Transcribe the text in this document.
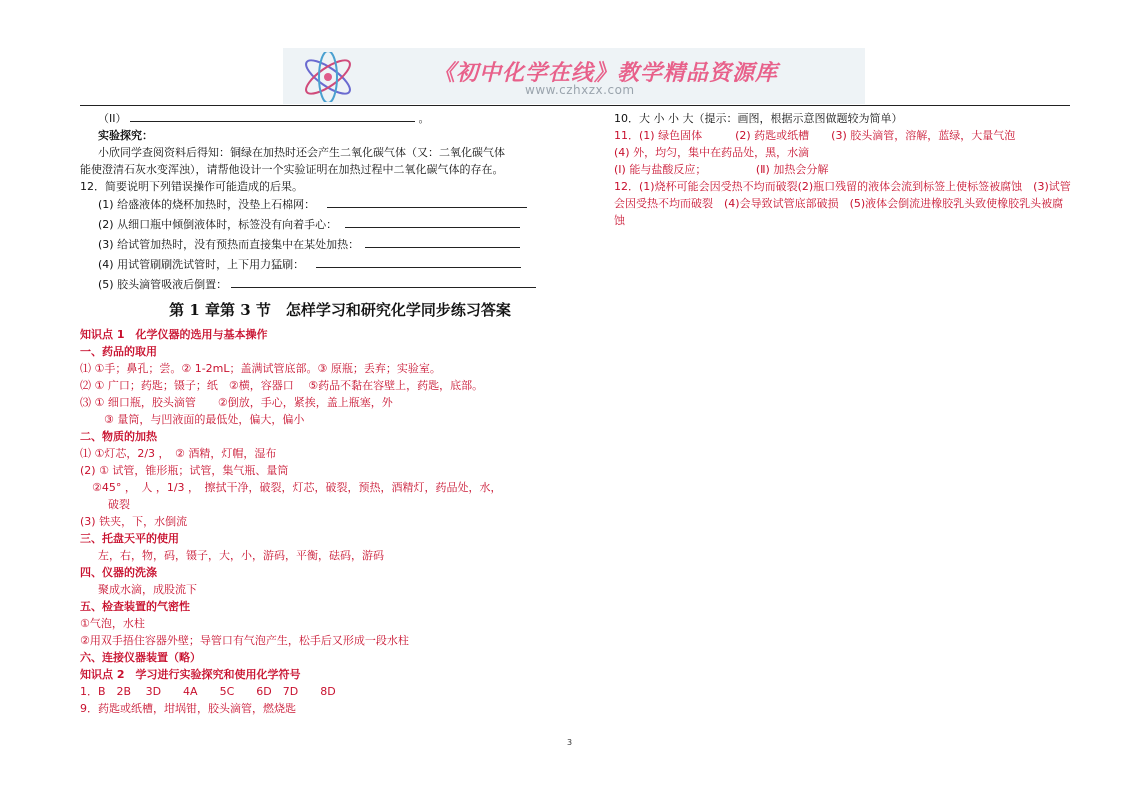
《初中化学在线》教学精品资源库
www.czhxzx.com
（II）	。
实验探究：
小欣同学查阅资料后得知：铜绿在加热时还会产生二氧化碳气体（又：二氧化碳气体
能使澄清石灰水变浑浊），请帮他设计一个实验证明在加热过程中二氧化碳气体的存在。
12．简要说明下列错误操作可能造成的后果。
(1) 给盛液体的烧杯加热时，没垫上石棉网：
(2) 从细口瓶中倾倒液体时，标签没有向着手心：
(3) 给试管加热时，没有预热而直接集中在某处加热：
(4) 用试管刷刷洗试管时，上下用力猛刷：
(5) 胶头滴管吸液后倒置：
第 1 章第 3 节　怎样学习和研究化学同步练习答案
知识点 1　化学仪器的选用与基本操作
一、药品的取用
⑴ ①手；鼻孔；尝。② 1-2mL；盖满试管底部。③ 原瓶；丢弃；实验室。
⑵ ① 广口；药匙；镊子；纸　②横，容器口　 ⑤药品不黏在容壁上，药匙，底部。
⑶ ① 细口瓶，胶头滴管　　②倒放，手心，紧挨，盖上瓶塞，外
③ 量筒，与凹液面的最低处，偏大，偏小
二、物质的加热
⑴ ①灯芯，2/3 ，　② 酒精，灯帽，湿布
(2) ① 试管，锥形瓶；试管，集气瓶、量筒
②45° ，　人 ，1/3 ，　擦拭干净，破裂，灯芯，破裂，预热，酒精灯，药品处，水，
破裂
(3) 铁夹，下，水倒流
三、托盘天平的使用
左，右，物，码，镊子，大，小，游码，平衡，砝码，游码
四、仪器的洗涤
聚成水滴，成股流下
五、检查装置的气密性
①气泡，水柱
②用双手捂住容器外壁；导管口有气泡产生，松手后又形成一段水柱
六、连接仪器装置（略）
知识点 2　学习进行实验探究和使用化学符号
1．B　2B　 3D　　4A　　5C　　6D　7D　　8D
9．药匙或纸槽，坩埚钳，胶头滴管，燃烧匙
10．大 小 小 大（提示：画图，根据示意图做题较为简单）
11．(1) 绿色固体　　　(2) 药匙或纸槽　　(3) 胶头滴管，溶解，蓝绿，大量气泡
(4) 外，均匀，集中在药品处，黑，水滴
(Ⅰ) 能与盐酸反应；　　　　　(Ⅱ) 加热会分解
12．(1)烧杯可能会因受热不均而破裂(2)瓶口残留的液体会流到标签上使标签被腐蚀　(3)试管会因受热不均而破裂　(4)会导致试管底部破损　(5)液体会倒流进橡胶乳头致使橡胶乳头被腐蚀
3
